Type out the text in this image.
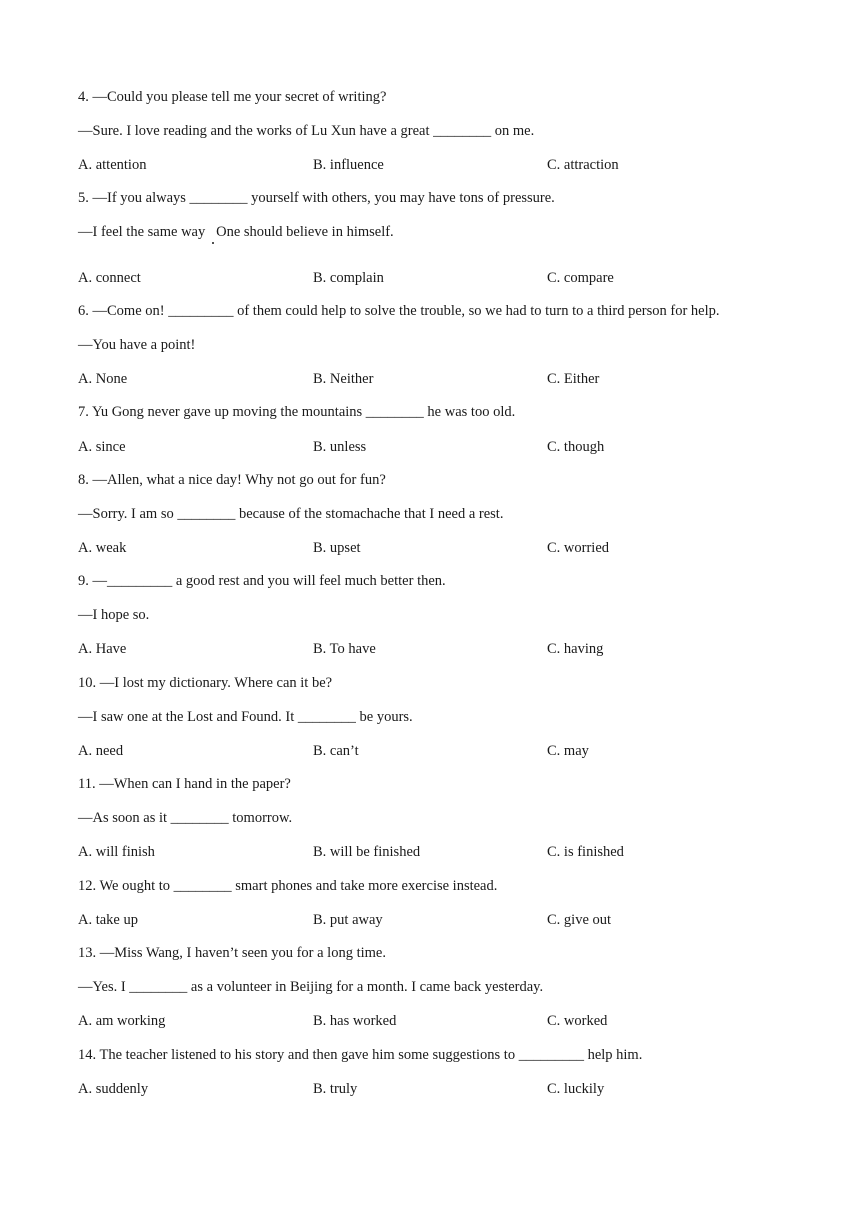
4. —Could you please tell me your secret of writing?
—Sure. I love reading and the works of Lu Xun have a great ________ on me.
A. attention	B. influence	C. attraction
5. —If you always ________ yourself with others, you may have tons of pressure.
—I feel the same way   One should believe in himself.
A. connect	B. complain	C. compare
6. —Come on! _________ of them could help to solve the trouble, so we had to turn to a third person for help.
—You have a point!
A. None	B. Neither	C. Either
7. Yu Gong never gave up moving the mountains ________ he was too old.
A. since	B. unless	C. though
8. —Allen, what a nice day! Why not go out for fun?
—Sorry. I am so ________ because of the stomachache that I need a rest.
A. weak	B. upset	C. worried
9. —_________ a good rest and you will feel much better then.
—I hope so.
A. Have	B. To have	C. having
10. —I lost my dictionary. Where can it be?
—I saw one at the Lost and Found. It ________ be yours.
A. need	B. can’t	C. may
11. —When can I hand in the paper?
—As soon as it ________ tomorrow.
A. will finish	B. will be finished	C. is finished
12. We ought to ________ smart phones and take more exercise instead.
A. take up	B. put away	C. give out
13. —Miss Wang, I haven’t seen you for a long time.
—Yes. I ________ as a volunteer in Beijing for a month. I came back yesterday.
A. am working	B. has worked	C. worked
14. The teacher listened to his story and then gave him some suggestions to _________ help him.
A. suddenly	B. truly	C. luckily
